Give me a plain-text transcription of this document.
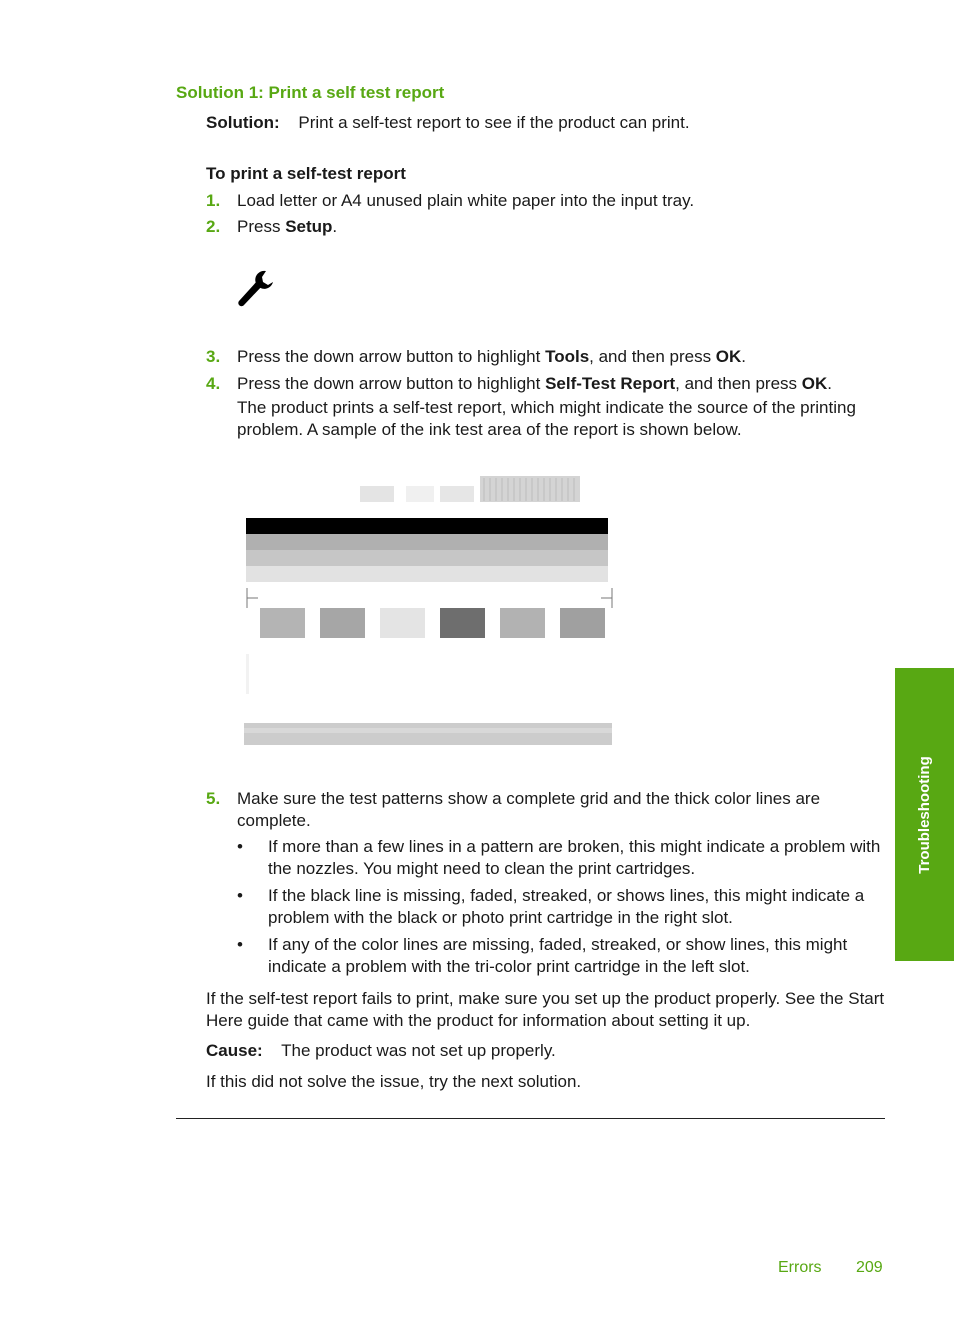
Solution 1: Print a self test report
Solution: Print a self-test report to see if the product can print.
To print a self-test report
1. Load letter or A4 unused plain white paper into the input tray.
2. Press Setup.
3. Press the down arrow button to highlight Tools, and then press OK.
4. Press the down arrow button to highlight Self-Test Report, and then press OK.
The product prints a self-test report, which might indicate the source of the printing problem. A sample of the ink test area of the report is shown below.
5. Make sure the test patterns show a complete grid and the thick color lines are complete.
• If more than a few lines in a pattern are broken, this might indicate a problem with the nozzles. You might need to clean the print cartridges.
• If the black line is missing, faded, streaked, or shows lines, this might indicate a problem with the black or photo print cartridge in the right slot.
• If any of the color lines are missing, faded, streaked, or show lines, this might indicate a problem with the tri-color print cartridge in the left slot.
If the self-test report fails to print, make sure you set up the product properly. See the Start Here guide that came with the product for information about setting it up.
Cause: The product was not set up properly.
If this did not solve the issue, try the next solution.
Errors 209
Troubleshooting
